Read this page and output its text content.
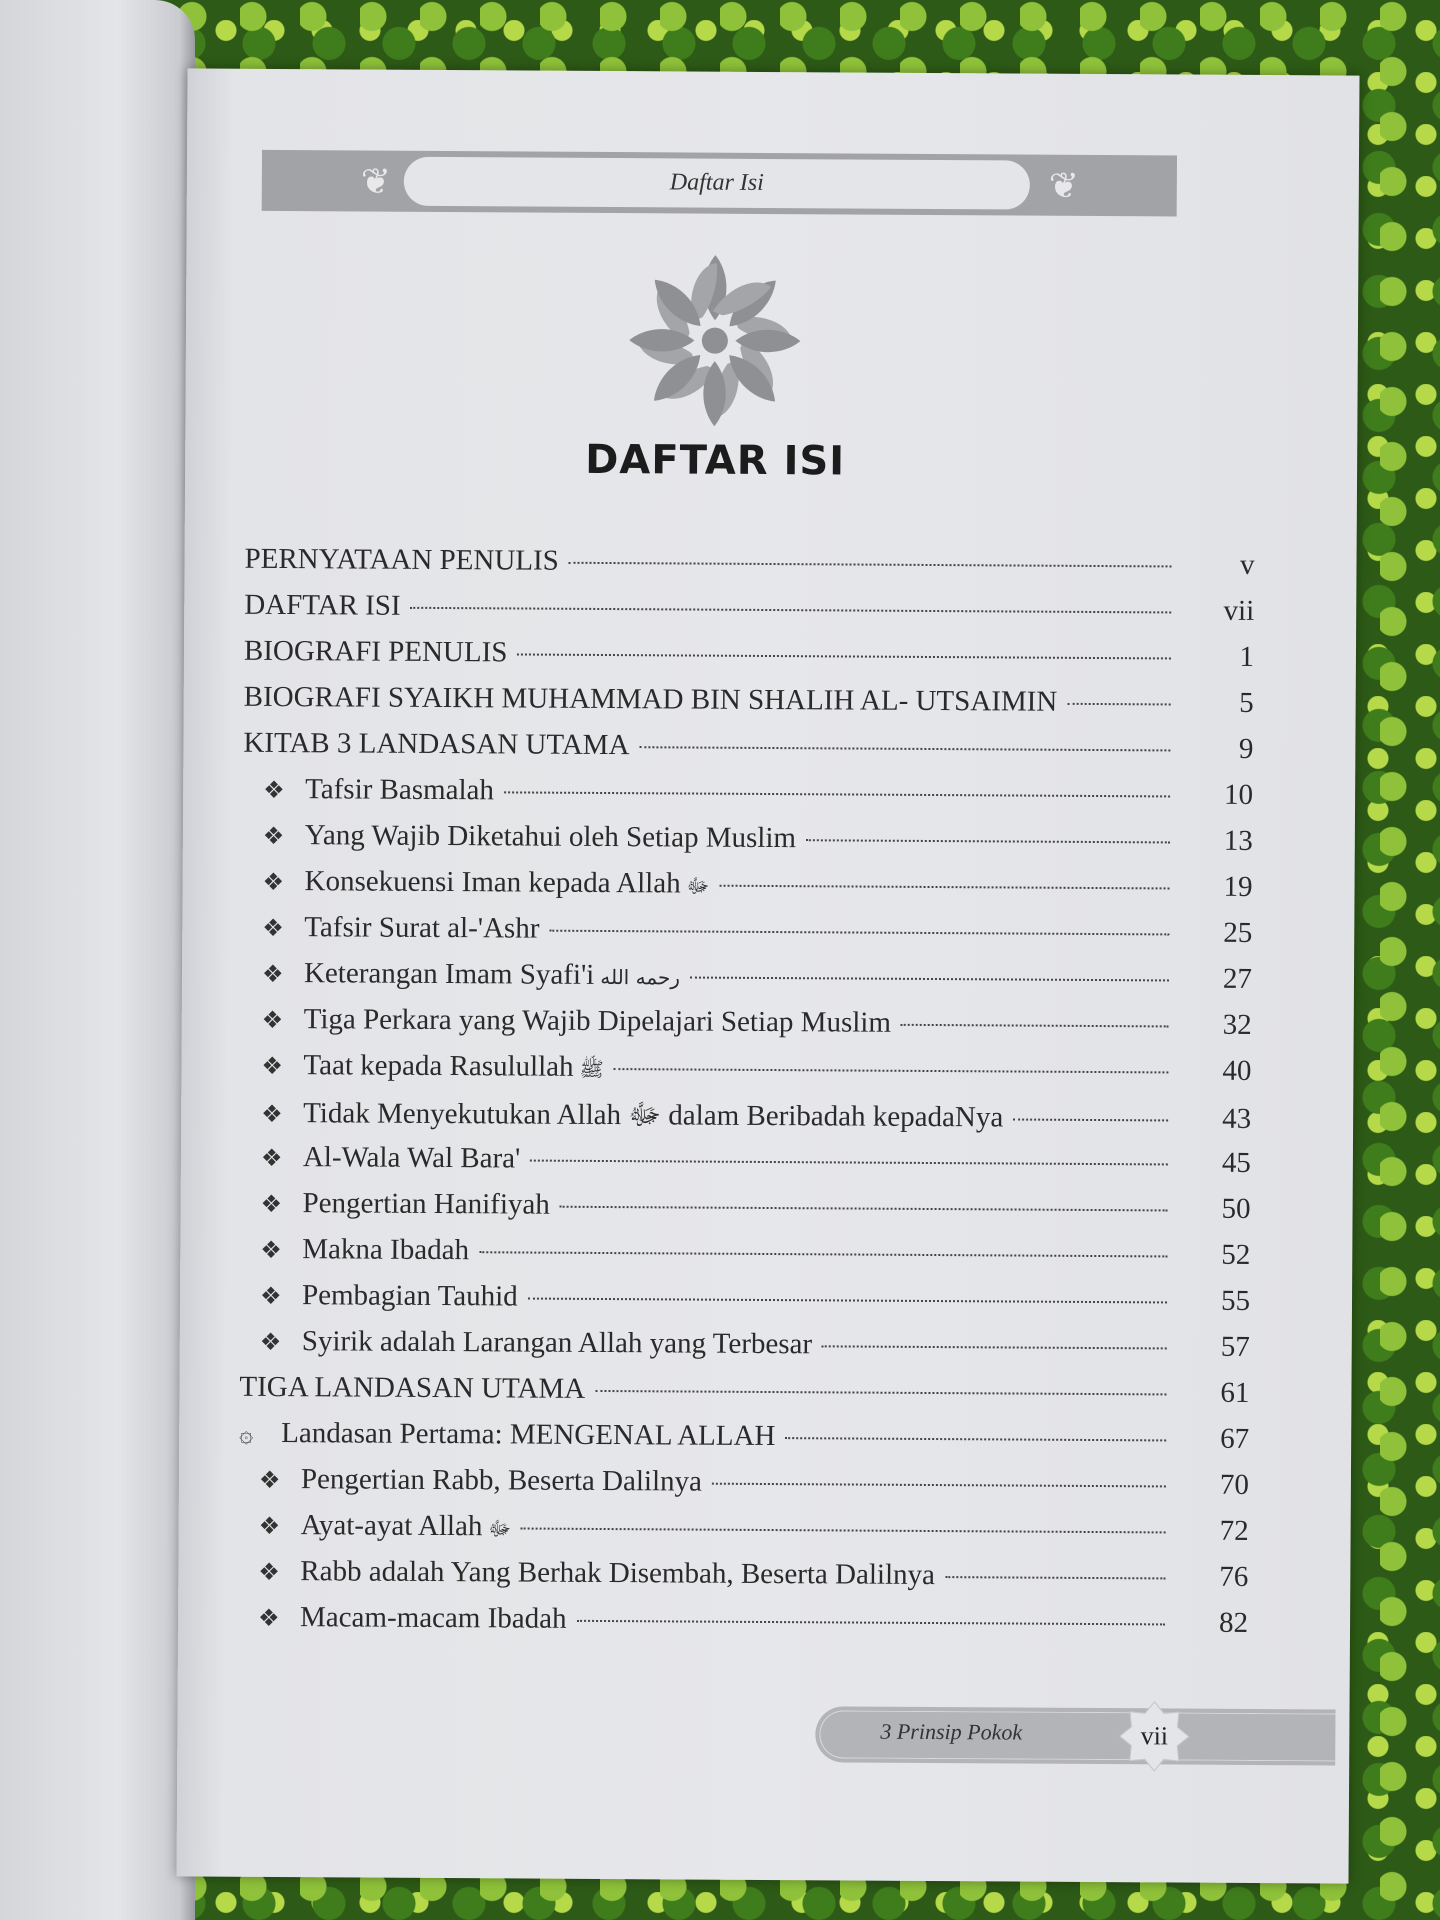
❦	Daftar Isi	❦
DAFTAR ISI
PERNYATAAN PENULIS	v
DAFTAR ISI	vii
BIOGRAFI PENULIS	1
BIOGRAFI SYAIKH MUHAMMAD BIN SHALIH AL- UTSAIMIN	5
KITAB 3 LANDASAN UTAMA	9
❖ Tafsir Basmalah	10
❖ Yang Wajib Diketahui oleh Setiap Muslim	13
❖ Konsekuensi Iman kepada Allah ﷻ	19
❖ Tafsir Surat al-'Ashr	25
❖ Keterangan Imam Syafi'i رحمه الله	27
❖ Tiga Perkara yang Wajib Dipelajari Setiap Muslim	32
❖ Taat kepada Rasulullah ﷺ	40
❖ Tidak Menyekutukan Allah ﷻ dalam Beribadah kepadaNya	43
❖ Al-Wala Wal Bara'	45
❖ Pengertian Hanifiyah	50
❖ Makna Ibadah	52
❖ Pembagian Tauhid	55
❖ Syirik adalah Larangan Allah yang Terbesar	57
TIGA LANDASAN UTAMA	61
۞ Landasan Pertama: MENGENAL ALLAH	67
❖ Pengertian Rabb, Beserta Dalilnya	70
❖ Ayat-ayat Allah ﷻ	72
❖ Rabb adalah Yang Berhak Disembah, Beserta Dalilnya	76
❖ Macam-macam Ibadah	82
3 Prinsip Pokok	vii
